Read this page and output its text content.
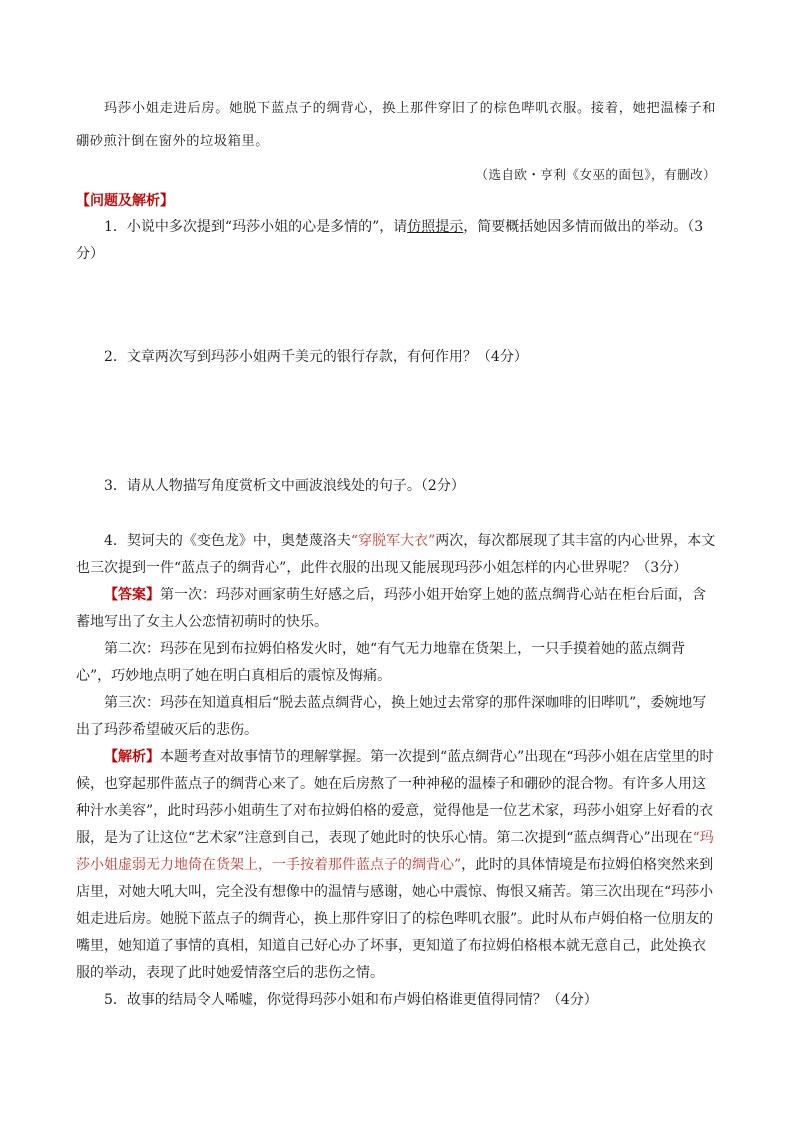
玛莎小姐走进后房。她脱下蓝点子的绸背心，换上那件穿旧了的棕色哔叽衣服。接着，她把温榛子和硼砂煎汁倒在窗外的垃圾箱里。

（选自欧・亨利《女巫的面包》，有删改）

【问题及解析】

1．小说中多次提到“玛莎小姐的心是多情的”，请仿照提示，简要概括她因多情而做出的举动。（3分）

2．文章两次写到玛莎小姐两千美元的银行存款，有何作用？（4分）

3．请从人物描写角度赏析文中画波浪线处的句子。（2分）

4．契诃夫的《变色龙》中，奥楚蔑洛夫“穿脱军大衣”两次，每次都展现了其丰富的内心世界，本文也三次提到一件“蓝点子的绸背心”，此件衣服的出现又能展现玛莎小姐怎样的内心世界呢？（3分）

【答案】第一次：玛莎对画家萌生好感之后，玛莎小姐开始穿上她的蓝点绸背心站在柜台后面，含蓄地写出了女主人公恋情初萌时的快乐。

第二次：玛莎在见到布拉姆伯格发火时，她“有气无力地靠在货架上，一只手摸着她的蓝点绸背心”，巧妙地点明了她在明白真相后的震惊及悔痛。

第三次：玛莎在知道真相后“脱去蓝点绸背心，换上她过去常穿的那件深咖啡的旧哔叽”，委婉地写出了玛莎希望破灭后的悲伤。

【解析】本题考查对故事情节的理解掌握。第一次提到“蓝点绸背心”出现在“玛莎小姐在店堂里的时候，也穿起那件蓝点子的绸背心来了。她在后房熬了一种神秘的温榛子和硼砂的混合物。有许多人用这种汁水美容”，此时玛莎小姐萌生了对布拉姆伯格的爱意，觉得他是一位艺术家，玛莎小姐穿上好看的衣服，是为了让这位“艺术家”注意到自己，表现了她此时的快乐心情。第二次提到“蓝点绸背心”出现在“玛莎小姐虚弱无力地倚在货架上，一手按着那件蓝点子的绸背心”，此时的具体情境是布拉姆伯格突然来到店里，对她大吼大叫，完全没有想像中的温情与感谢，她心中震惊、悔恨又痛苦。第三次出现在“玛莎小姐走进后房。她脱下蓝点子的绸背心，换上那件穿旧了的棕色哔叽衣服”。此时从布卢姆伯格一位朋友的嘴里，她知道了事情的真相，知道自己好心办了坏事，更知道了布拉姆伯格根本就无意自己，此处换衣服的举动，表现了此时她爱情落空后的悲伤之情。

5．故事的结局令人唏嘘，你觉得玛莎小姐和布卢姆伯格谁更值得同情？（4分）
